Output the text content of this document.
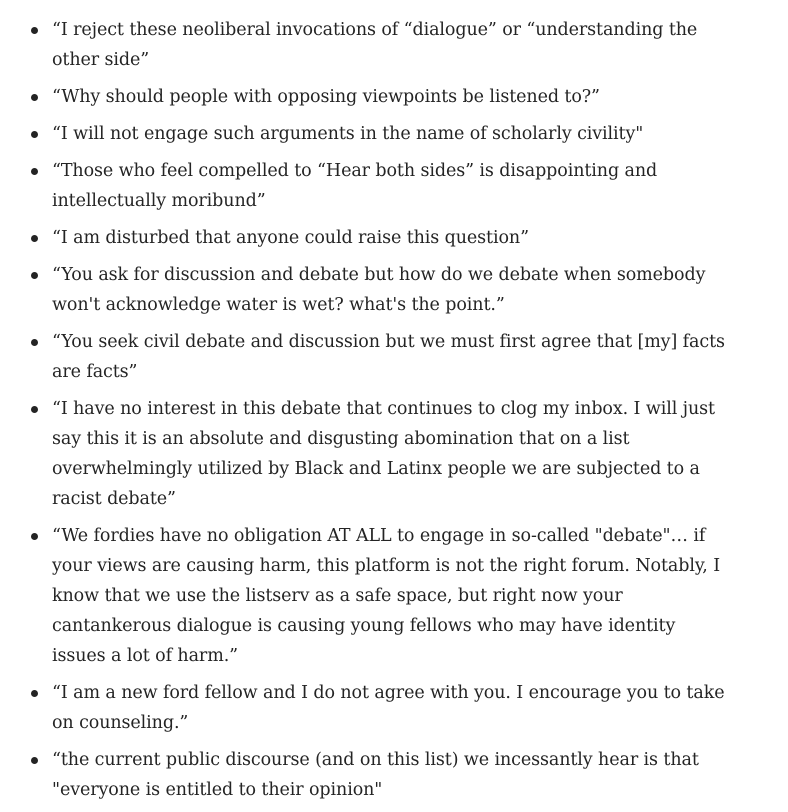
“I reject these neoliberal invocations of “dialogue” or “understanding the other side”
“Why should people with opposing viewpoints be listened to?”
“I will not engage such arguments in the name of scholarly civility"
“Those who feel compelled to “Hear both sides” is disappointing and intellectually moribund”
“I am disturbed that anyone could raise this question”
“You ask for discussion and debate but how do we debate when somebody won't acknowledge water is wet? what's the point.”
“You seek civil debate and discussion but we must first agree that [my] facts are facts”
“I have no interest in this debate that continues to clog my inbox. I will just say this it is an absolute and disgusting abomination that on a list overwhelmingly utilized by Black and Latinx people we are subjected to a racist debate”
“We fordies have no obligation AT ALL to engage in so-called "debate"… if your views are causing harm, this platform is not the right forum. Notably, I know that we use the listserv as a safe space, but right now your cantankerous dialogue is causing young fellows who may have identity issues a lot of harm.”
“I am a new ford fellow and I do not agree with you. I encourage you to take on counseling.”
“the current public discourse (and on this list) we incessantly hear is that "everyone is entitled to their opinion"
